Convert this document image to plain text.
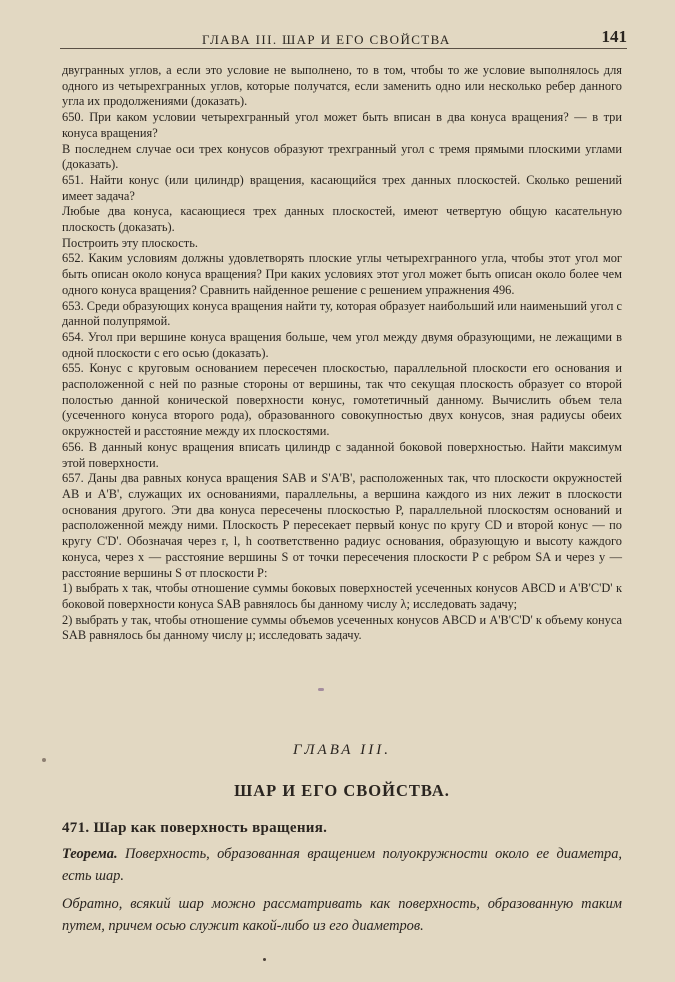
ГЛАВА III. ШАР И ЕГО СВОЙСТВА	141

двугранных углов, а если это условие не выполнено, то в том, чтобы то же условие выполнялось для одного из четырехгранных углов, которые получатся, если заменить одно или несколько ребер данного угла их продолжениями (доказать).

650. При каком условии четырехгранный угол может быть вписан в два конуса вращения? — в три конуса вращения?

В последнем случае оси трех конусов образуют трехгранный угол с тремя прямыми плоскими углами (доказать).

651. Найти конус (или цилиндр) вращения, касающийся трех данных плоскостей. Сколько решений имеет задача?

Любые два конуса, касающиеся трех данных плоскостей, имеют четвертую общую касательную плоскость (доказать).

Построить эту плоскость.

652. Каким условиям должны удовлетворять плоские углы четырехгранного угла, чтобы этот угол мог быть описан около конуса вращения? При каких условиях этот угол может быть описан около более чем одного конуса вращения? Сравнить найденное решение с решением упражнения 496.

653. Среди образующих конуса вращения найти ту, которая образует наибольший или наименьший угол с данной полупрямой.

654. Угол при вершине конуса вращения больше, чем угол между двумя образующими, не лежащими в одной плоскости с его осью (доказать).

655. Конус с круговым основанием пересечен плоскостью, параллельной плоскости его основания и расположенной с ней по разные стороны от вершины, так что секущая плоскость образует со второй полостью данной конической поверхности конус, гомотетичный данному. Вычислить объем тела (усеченного конуса второго рода), образованного совокупностью двух конусов, зная радиусы обеих окружностей и расстояние между их плоскостями.

656. В данный конус вращения вписать цилиндр с заданной боковой поверхностью. Найти максимум этой поверхности.

657. Даны два равных конуса вращения SAB и S'A'B', расположенных так, что плоскости окружностей AB и A'B', служащих их основаниями, параллельны, а вершина каждого из них лежит в плоскости основания другого. Эти два конуса пересечены плоскостью P, параллельной плоскостям оснований и расположенной между ними. Плоскость P пересекает первый конус по кругу CD и второй конус — по кругу C'D'. Обозначая через r, l, h соответственно радиус основания, образующую и высоту каждого конуса, через x — расстояние вершины S от точки пересечения плоскости P с ребром SA и через y — расстояние вершины S от плоскости P:

1) выбрать x так, чтобы отношение суммы боковых поверхностей усеченных конусов ABCD и A'B'C'D' к боковой поверхности конуса SAB равнялось бы данному числу λ; исследовать задачу;

2) выбрать y так, чтобы отношение суммы объемов усеченных конусов ABCD и A'B'C'D' к объему конуса SAB равнялось бы данному числу μ; исследовать задачу.

ГЛАВА III.
ШАР И ЕГО СВОЙСТВА.
471. Шар как поверхность вращения.
Теорема. Поверхность, образованная вращением полуокружности около ее диаметра, есть шар.
Обратно, всякий шар можно рассматривать как поверхность, образованную таким путем, причем осью служит какой-либо из его диаметров.
